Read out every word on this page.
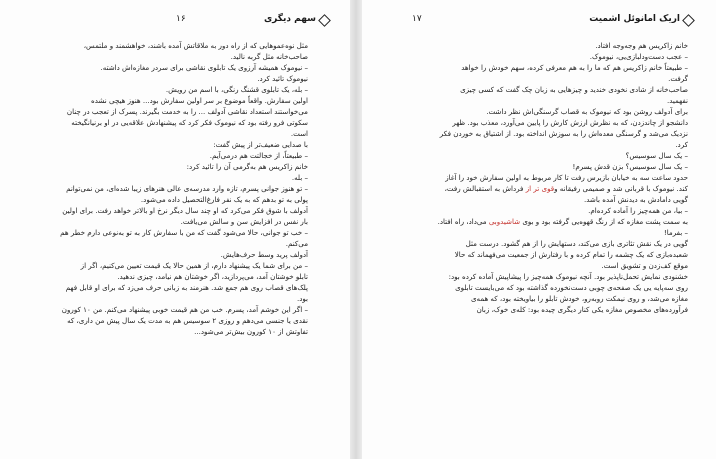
سهم دیگری
۱۶

مثل نوه‌عموهایی که از راه دور به ملاقاتش آمده باشند، خواهشمند و ملتمس،

صاحب‌خانه مثل گربه نالید.

– نیوموک همیشه آرزوی یک تابلوی نقاشی برای سردر مغازه‌اش داشته.

نیوموک تائید کرد.

– بله، یک تابلوی قشنگ رنگی، با اسم من رویش.

اولین سفارش. واقعاً موضوع بر سر اولین سفارش بود... هنوز هیچی نشده

می‌خواستند استعداد نقاشی آدولف ... را به خدمت بگیرند. پسرک از تعجب در چنان

سکوتی فرو رفته بود که نیوموک فکر کرد که پیشنهادش علاقه‌یی در او برنیانگیخته

است.

با صدایی ضعیف‌تر از پیش گفت:

– طبیعتاً، از خجالتت هم درمی‌آیم.

خانم زاکریس هم به‌گرمی آن را تائید کرد:

– بله.

– تو هنوز جوانی پسرم، تازه وارد مدرسه‌ی عالی هنرهای زیبا شده‌ای، من نمی‌توانم

پولی به تو بدهم که به یک نفر فارغ‌التحصیل داده می‌شود.

آدولف با شوق فکر می‌کرد که او چند سال دیگر نرخ او بالاتر خواهد رفت. برای اولین

بار نفس در افزایش سن و سالش می‌یافت.

– خب تو جوانی، حالا می‌شود گفت که من با سفارش کار به تو به‌نوعی دارم خطر هم

می‌کنم.

آدولف پرید وسط حرف‌هایش.

– من برای شما یک پیشنهاد دارم، از همین حالا یک قیمت تعیین می‌کنیم، اگر از

تابلو خوشتان آمد، می‌پردازید، اگر خوشتان هم نیامد، چیزی ندهید.

پلک‌های قصاب روی هم جمع شد. هنرمند به زبانی حرف می‌زد که برای او قابل فهم

بود.

– اگر این خوشم آمد، پسرم. خب من هم قیمت خوبی پیشنهاد می‌کنم. من ۱۰ کورون

نقدی یا جنسی می‌دهم و روزی ۲ سوسیس هم به مدت یک سال پیش من داری، که

تفاوتش از ۱۰ کورون بیش‌تر می‌شود...

اریک امانوئل اشمیت
۱۷

خانم زاکریس هم وجه‌وجه افتاد.

– عجب دست‌ودلبازی‌یی، نیوموک.

– طبیعتاً خانم زاکریس هم که ما را به هم معرفی کرده، سهم خودش را خواهد

گرفت.

صاحب‌خانه از شادی نخودی خندید و چیزهایی به زبان چک گفت که کسی چیزی

نفهمید.

برای آدولف روشن بود که نیوموک به قصاب گرسنگی‌اش نظر داشت.

دانشجو از چاندزدن، که به نظرش ارزش کارش را پایین می‌آورد، معذب بود. ظهر

نزدیک می‌شد و گرسنگی معده‌اش را به سوزش انداخته بود. از اشتیاق به خوردن فکر

کرد.

– یک سال سوسیس؟

– یک سال سوسیس؟ بزن قدش پسرم!

حدود ساعت سه به خیابان بازیرس رفت تا کار مربوط به اولین سفارش خود را آغاز

کند. نیوموک با قربانی شد و صمیمی رفیقانه وقوی تر از فرداش به استقبالش رفت،

گویی دامادش به دیدنش آمده باشد.

– بیا، من همه‌چیز را آماده کرده‌ام.

به سمت پشت مغازه که از رنگ قهوه‌یی گرفته بود و بوی شاشیدوبی می‌داد، راه افتاد.

– بفرما!

گویی در یک نقش تئاتری بازی می‌کند، دستهایش را از هم گشود. درست مثل

شعبده‌بازی که یک چشمه را تمام کرده و با رفتارش از جمعیت می‌فهماند که حالا

موقع کف‌زدن و تشویق است.

خشنودی نمایش تحمل‌ناپذیر بود. آنچه نیوموک همه‌چیز را پیشاپیش آماده کرده بود:

روی سه‌پایه یی یک صفحه‌ی چوبی دست‌نخورده گذاشته بود که می‌بایست تابلوی

مغازه می‌شد، و روی نیمکت روبه‌رو، خودش تابلو را بیاویخته بود، که همه‌ی

فرآورده‌های مخصوص مغازه یکی کنار دیگری چیده بود: کله‌ی خوک، زبان
